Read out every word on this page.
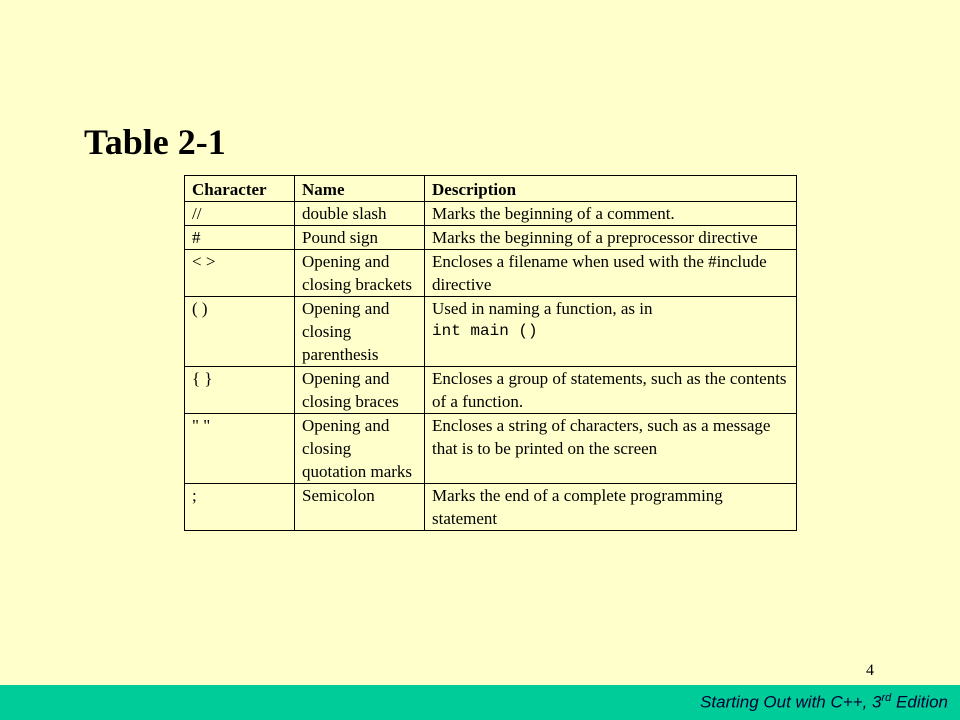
Table 2-1
Character	Name	Description
//	double slash	Marks the beginning of a comment.
#	Pound sign	Marks the beginning of a preprocessor directive
< >	Opening and closing brackets	Encloses a filename when used with the #include directive
( )	Opening and closing parenthesis	Used in naming a function, as in
int main ()

{ }	Opening and closing braces	Encloses a group of statements, such as the contents of a function.
" "	Opening and closing quotation marks	Encloses a string of characters, such as a message that is to be printed on the screen
;	Semicolon	Marks the end of a complete programming statement
4
Starting Out with C++, 3rd Edition
